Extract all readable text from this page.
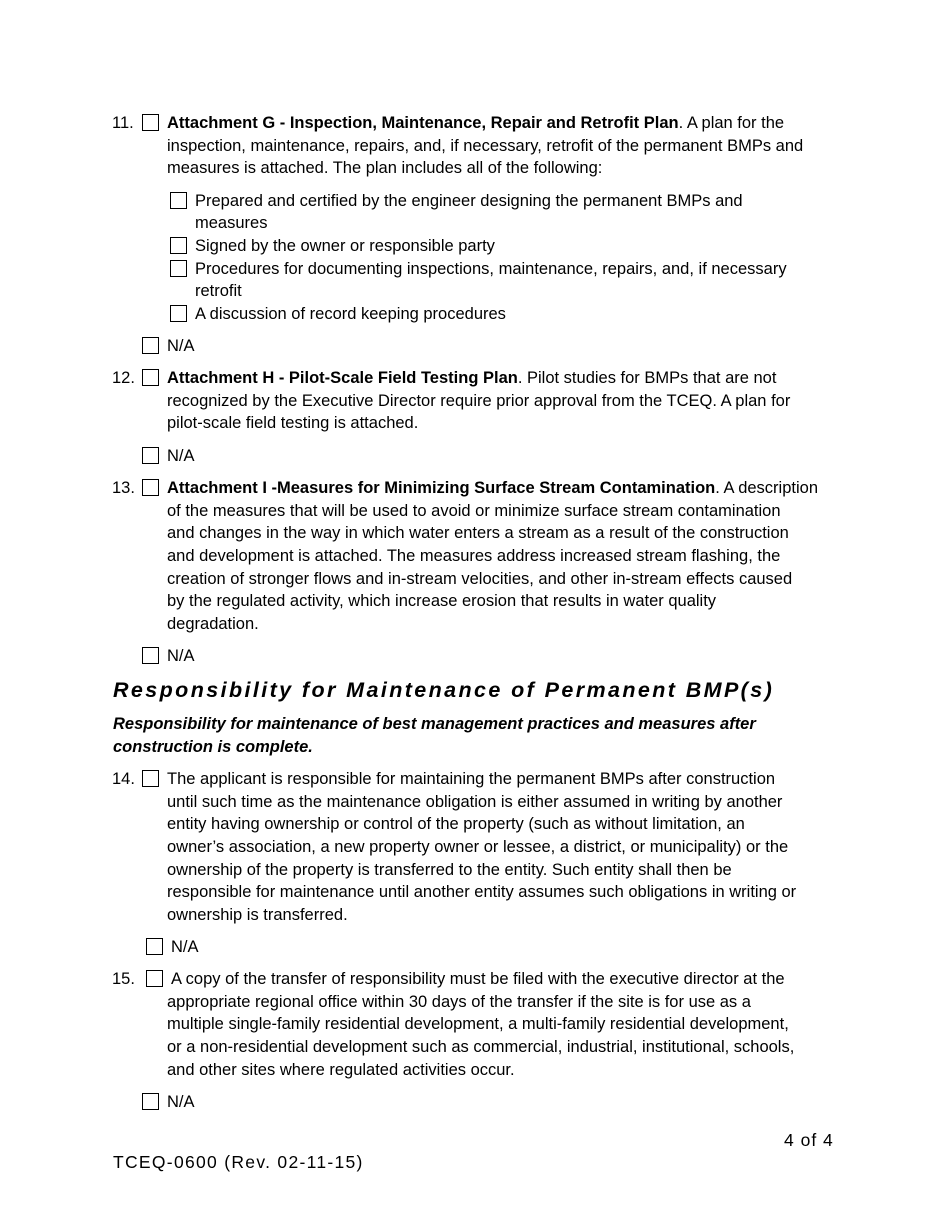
11. Attachment G - Inspection, Maintenance, Repair and Retrofit Plan. A plan for the
inspection, maintenance, repairs, and, if necessary, retrofit of the permanent BMPs and
measures is attached. The plan includes all of the following:
Prepared and certified by the engineer designing the permanent BMPs and
measures
Signed by the owner or responsible party
Procedures for documenting inspections, maintenance, repairs, and, if necessary
retrofit
A discussion of record keeping procedures
N/A
12. Attachment H - Pilot-Scale Field Testing Plan. Pilot studies for BMPs that are not
recognized by the Executive Director require prior approval from the TCEQ. A plan for
pilot-scale field testing is attached.
N/A
13. Attachment I -Measures for Minimizing Surface Stream Contamination. A description
of the measures that will be used to avoid or minimize surface stream contamination
and changes in the way in which water enters a stream as a result of the construction
and development is attached. The measures address increased stream flashing, the
creation of stronger flows and in-stream velocities, and other in-stream effects caused
by the regulated activity, which increase erosion that results in water quality
degradation.
N/A
Responsibility for Maintenance of Permanent BMP(s)
Responsibility for maintenance of best management practices and measures after
construction is complete.
14. The applicant is responsible for maintaining the permanent BMPs after construction
until such time as the maintenance obligation is either assumed in writing by another
entity having ownership or control of the property (such as without limitation, an
owner’s association, a new property owner or lessee, a district, or municipality) or the
ownership of the property is transferred to the entity. Such entity shall then be
responsible for maintenance until another entity assumes such obligations in writing or
ownership is transferred.
N/A
15. A copy of the transfer of responsibility must be filed with the executive director at the
appropriate regional office within 30 days of the transfer if the site is for use as a
multiple single-family residential development, a multi-family residential development,
or a non-residential development such as commercial, industrial, institutional, schools,
and other sites where regulated activities occur.
N/A
4 of 4
TCEQ-0600 (Rev. 02-11-15)
